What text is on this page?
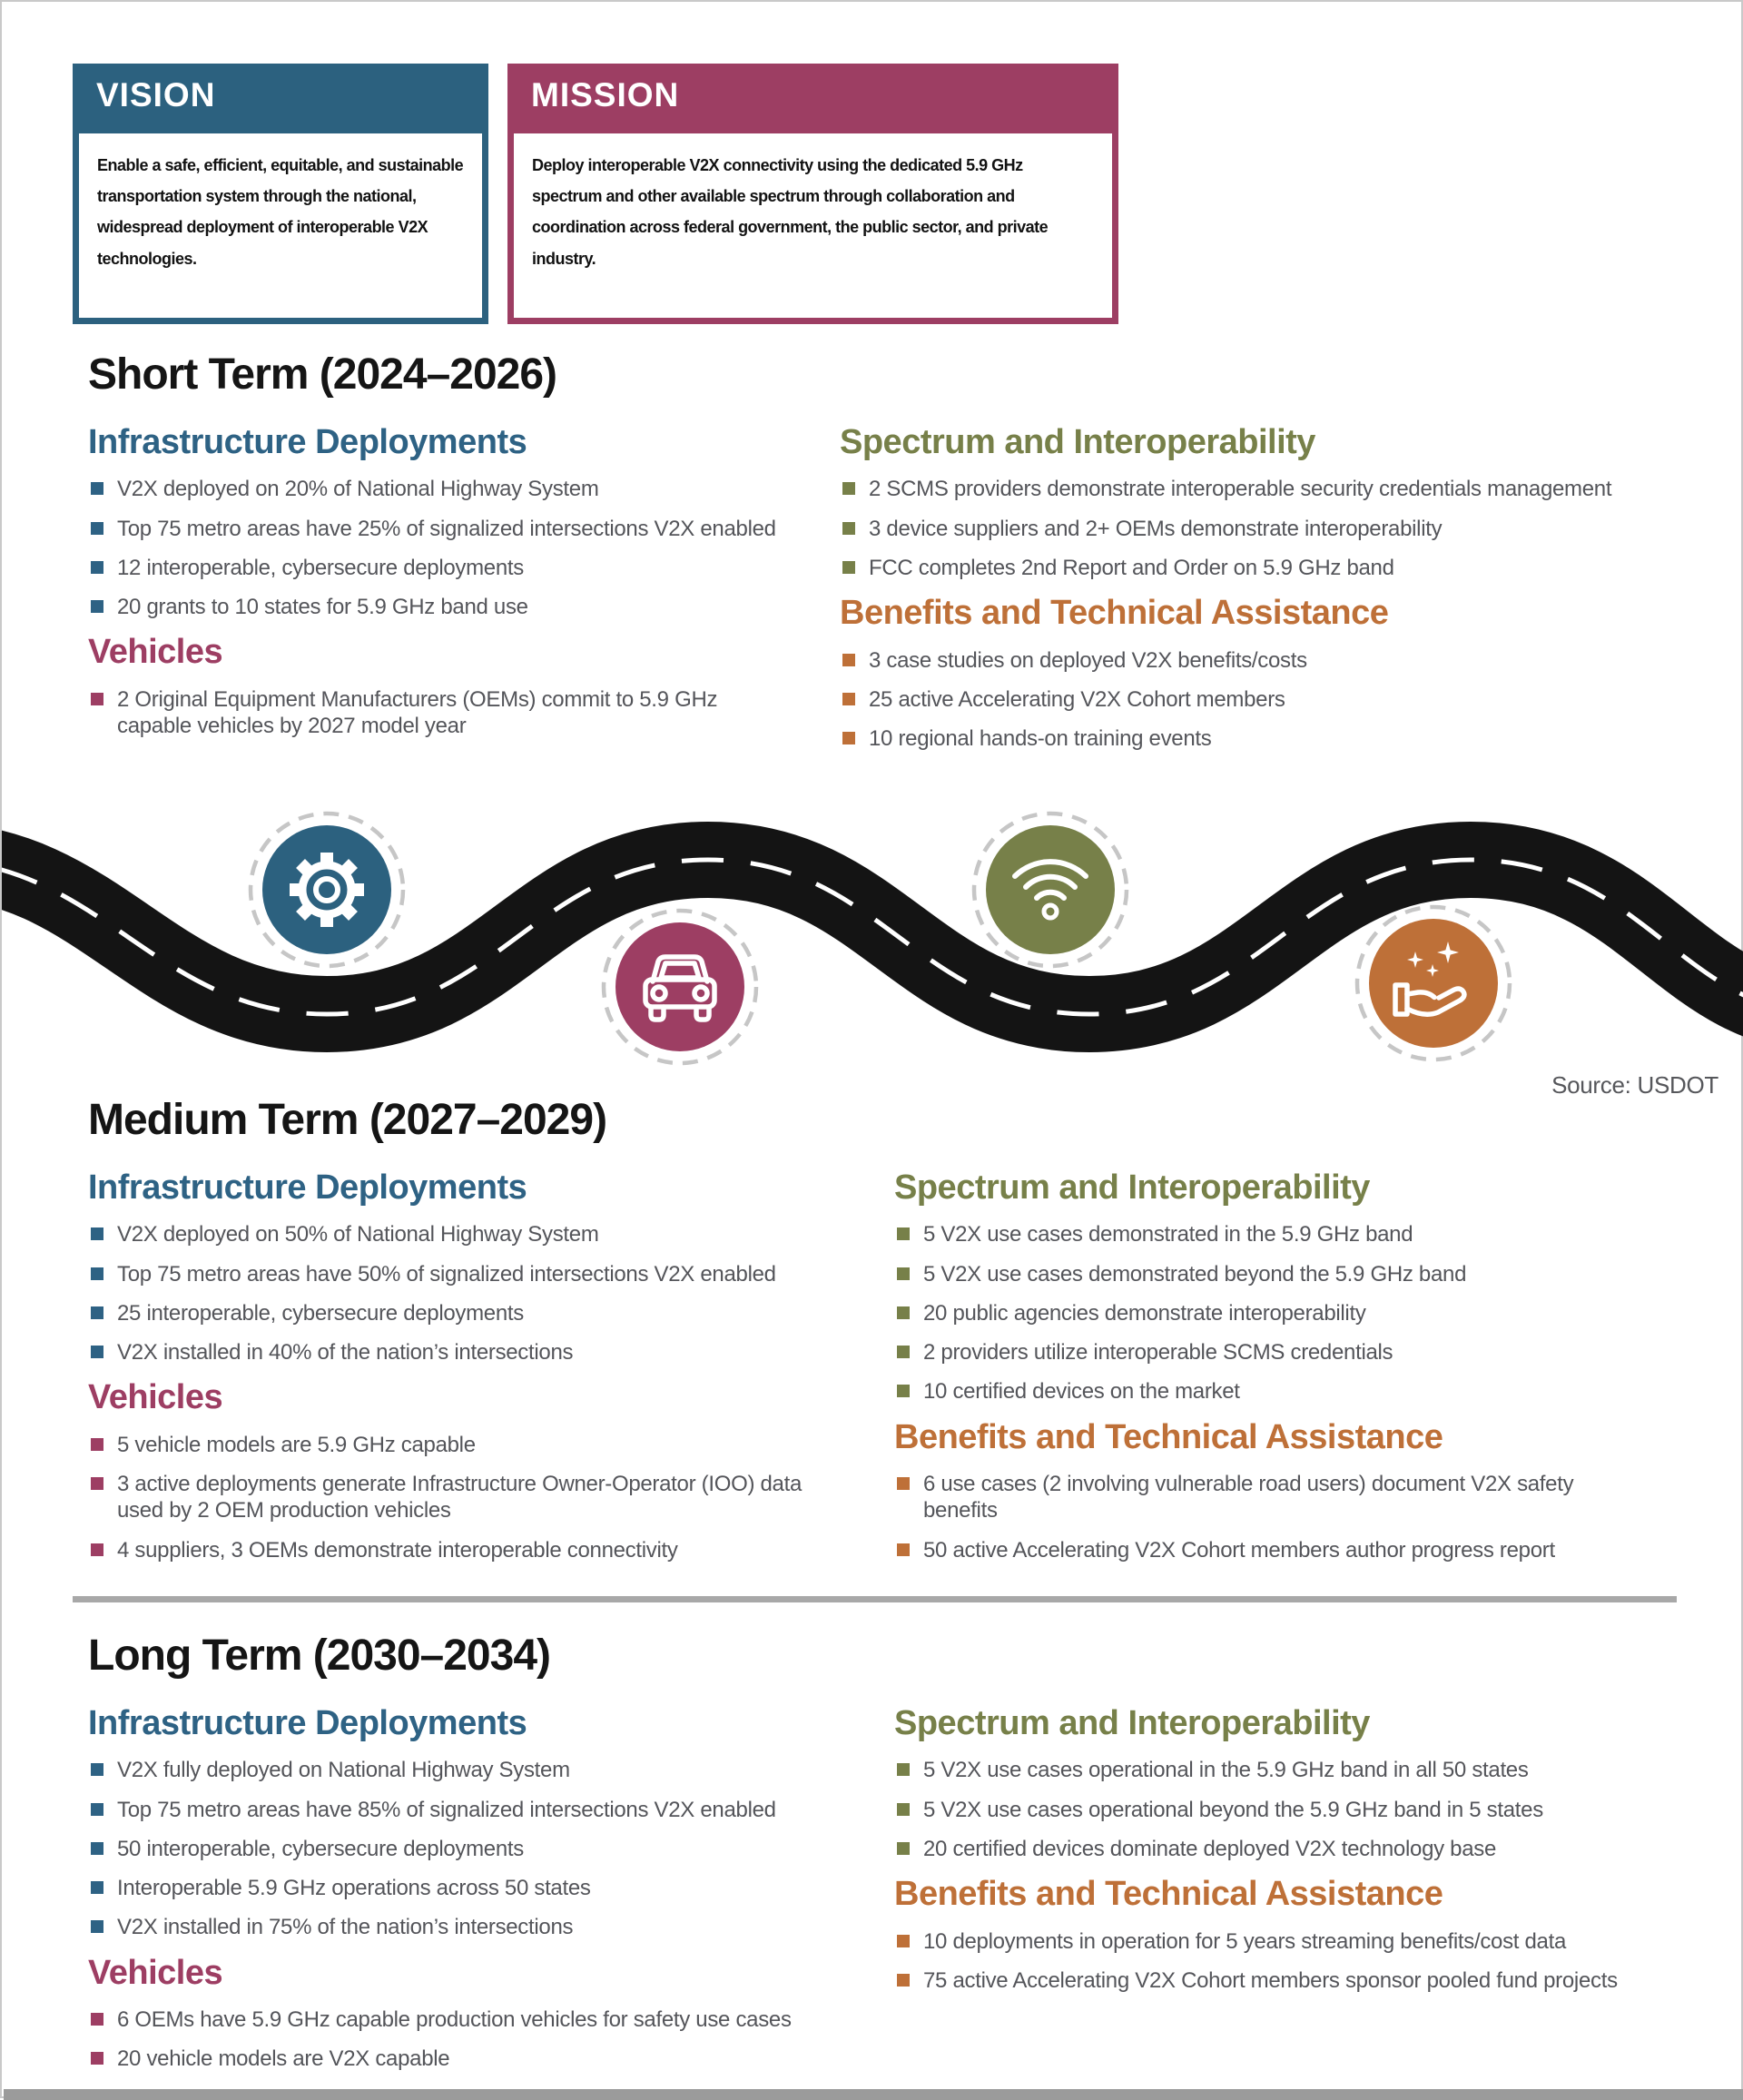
VISION
Enable a safe, efficient, equitable, and sustainable transportation system through the national, widespread deployment of interoperable V2X technologies.
MISSION
Deploy interoperable V2X connectivity using the dedicated 5.9 GHz spectrum and other available spectrum through collaboration and coordination across federal government, the public sector, and private industry.
Short Term (2024–2026)
Infrastructure Deployments
V2X deployed on 20% of National Highway System
Top 75 metro areas have 25% of signalized intersections V2X enabled
12 interoperable, cybersecure deployments
20 grants to 10 states for 5.9 GHz band use
Vehicles
2 Original Equipment Manufacturers (OEMs) commit to 5.9 GHz capable vehicles by 2027 model year
Spectrum and Interoperability
2 SCMS providers demonstrate interoperable security credentials management
3 device suppliers and 2+ OEMs demonstrate interoperability
FCC completes 2nd Report and Order on 5.9 GHz band
Benefits and Technical Assistance
3 case studies on deployed V2X benefits/costs
25 active Accelerating V2X Cohort members
10 regional hands-on training events
Source: USDOT
Medium Term (2027–2029)
Infrastructure Deployments
V2X deployed on 50% of National Highway System
Top 75 metro areas have 50% of signalized intersections V2X enabled
25 interoperable, cybersecure deployments
V2X installed in 40% of the nation’s intersections
Vehicles
5 vehicle models are 5.9 GHz capable
3 active deployments generate Infrastructure Owner-Operator (IOO) data used by 2 OEM production vehicles
4 suppliers, 3 OEMs demonstrate interoperable connectivity
Spectrum and Interoperability
5 V2X use cases demonstrated in the 5.9 GHz band
5 V2X use cases demonstrated beyond the 5.9 GHz band
20 public agencies demonstrate interoperability
2 providers utilize interoperable SCMS credentials
10 certified devices on the market
Benefits and Technical Assistance
6 use cases (2 involving vulnerable road users) document V2X safety benefits
50 active Accelerating V2X Cohort members author progress report
Long Term (2030–2034)
Infrastructure Deployments
V2X fully deployed on National Highway System
Top 75 metro areas have 85% of signalized intersections V2X enabled
50 interoperable, cybersecure deployments
Interoperable 5.9 GHz operations across 50 states
V2X installed in 75% of the nation’s intersections
Vehicles
6 OEMs have 5.9 GHz capable production vehicles for safety use cases
20 vehicle models are V2X capable
Spectrum and Interoperability
5 V2X use cases operational in the 5.9 GHz band in all 50 states
5 V2X use cases operational beyond the 5.9 GHz band in 5 states
20 certified devices dominate deployed V2X technology base
Benefits and Technical Assistance
10 deployments in operation for 5 years streaming benefits/cost data
75 active Accelerating V2X Cohort members sponsor pooled fund projects
